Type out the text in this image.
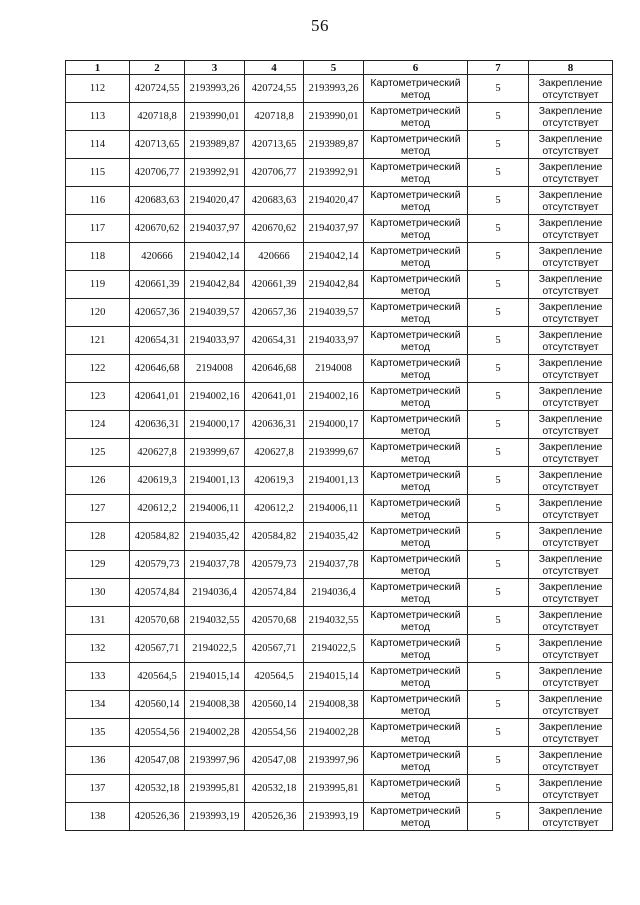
56
1	2	3	4	5	6	7	8
112	420724,55	2193993,26	420724,55	2193993,26	Картометрический метод	5	Закрепление отсутствует
113	420718,8	2193990,01	420718,8	2193990,01	Картометрический метод	5	Закрепление отсутствует
114	420713,65	2193989,87	420713,65	2193989,87	Картометрический метод	5	Закрепление отсутствует
115	420706,77	2193992,91	420706,77	2193992,91	Картометрический метод	5	Закрепление отсутствует
116	420683,63	2194020,47	420683,63	2194020,47	Картометрический метод	5	Закрепление отсутствует
117	420670,62	2194037,97	420670,62	2194037,97	Картометрический метод	5	Закрепление отсутствует
118	420666	2194042,14	420666	2194042,14	Картометрический метод	5	Закрепление отсутствует
119	420661,39	2194042,84	420661,39	2194042,84	Картометрический метод	5	Закрепление отсутствует
120	420657,36	2194039,57	420657,36	2194039,57	Картометрический метод	5	Закрепление отсутствует
121	420654,31	2194033,97	420654,31	2194033,97	Картометрический метод	5	Закрепление отсутствует
122	420646,68	2194008	420646,68	2194008	Картометрический метод	5	Закрепление отсутствует
123	420641,01	2194002,16	420641,01	2194002,16	Картометрический метод	5	Закрепление отсутствует
124	420636,31	2194000,17	420636,31	2194000,17	Картометрический метод	5	Закрепление отсутствует
125	420627,8	2193999,67	420627,8	2193999,67	Картометрический метод	5	Закрепление отсутствует
126	420619,3	2194001,13	420619,3	2194001,13	Картометрический метод	5	Закрепление отсутствует
127	420612,2	2194006,11	420612,2	2194006,11	Картометрический метод	5	Закрепление отсутствует
128	420584,82	2194035,42	420584,82	2194035,42	Картометрический метод	5	Закрепление отсутствует
129	420579,73	2194037,78	420579,73	2194037,78	Картометрический метод	5	Закрепление отсутствует
130	420574,84	2194036,4	420574,84	2194036,4	Картометрический метод	5	Закрепление отсутствует
131	420570,68	2194032,55	420570,68	2194032,55	Картометрический метод	5	Закрепление отсутствует
132	420567,71	2194022,5	420567,71	2194022,5	Картометрический метод	5	Закрепление отсутствует
133	420564,5	2194015,14	420564,5	2194015,14	Картометрический метод	5	Закрепление отсутствует
134	420560,14	2194008,38	420560,14	2194008,38	Картометрический метод	5	Закрепление отсутствует
135	420554,56	2194002,28	420554,56	2194002,28	Картометрический метод	5	Закрепление отсутствует
136	420547,08	2193997,96	420547,08	2193997,96	Картометрический метод	5	Закрепление отсутствует
137	420532,18	2193995,81	420532,18	2193995,81	Картометрический метод	5	Закрепление отсутствует
138	420526,36	2193993,19	420526,36	2193993,19	Картометрический метод	5	Закрепление отсутствует
